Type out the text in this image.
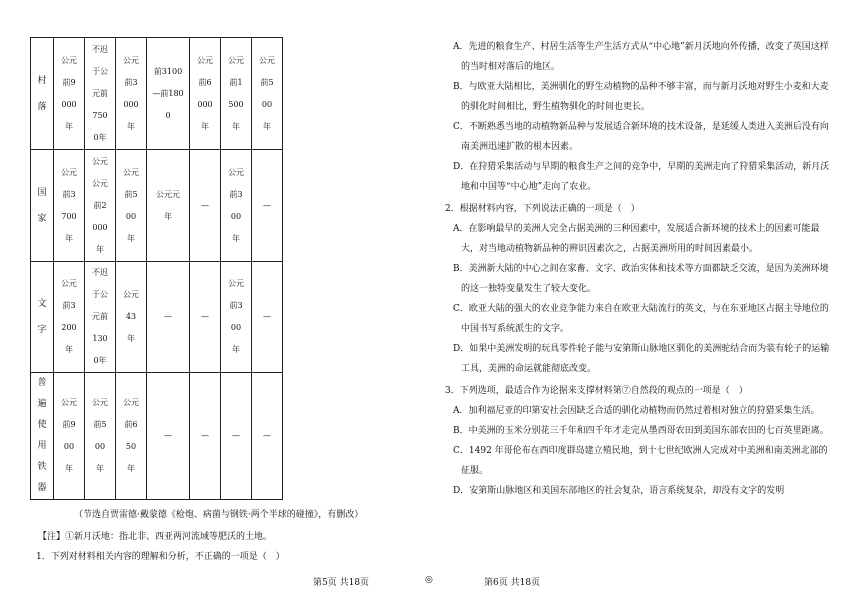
村落	公元前9000年	不迟于公元前7500年	公元前3000年	前3100—前1800	公元前6000年	公元前1500年	公元前500年
国家	公元前3700年	公元公元前2000年	公元前500年	公元元年	—	公元前300年	—
文字	公元前3200年	不迟于公元前1300年	公元43年	—	—	公元前300年	—
普遍使用铁器	公元前900年	公元前500年	公元前650年	—	—	—	—
（节选自贾雷德·戴蒙德《枪炮、病菌与钢铁·两个半球的碰撞》，有删改）
【注】①新月沃地：指北非、西亚两河流域等肥沃的土地。
1．下列对材料相关内容的理解和分析，不正确的一项是（　）

A．先进的粮食生产、村居生活等生产生活方式从“中心地”新月沃地向外传播，改变了英国这样的当时相对落后的地区。

B．与欧亚大陆相比，美洲驯化的野生动植物的品种不够丰富，而与新月沃地对野生小麦和大麦的驯化时间相比，野生植物驯化的时间也更长。

C．不断熟悉当地的动植物新品种与发展适合新环境的技术设备，是延缓人类进入美洲后没有向南美洲迅速扩散的根本因素。

D．在狩猎采集活动与早期的粮食生产之间的竞争中，早期的美洲走向了狩猎采集活动，新月沃地和中国等“中心地”走向了农业。

2．根据材料内容，下列说法正确的一项是（　）

A．在影响最早的美洲人完全占据美洲的三种因素中，发展适合新环境的技术上的因素可能最大，对当地动植物新品种的辨识因素次之，占据美洲所用的时间因素最小。

B．美洲新大陆的中心之间在家畜、文字、政治实体和技术等方面都缺乏交流，是因为美洲环境的这一独特变量发生了较大变化。

C．欧亚大陆的强大的农业竞争能力来自在欧亚大陆流行的英文，与在东亚地区占据主导地位的中国书写系统派生的文字。

D．如果中美洲发明的玩具零件轮子能与安第斯山脉地区驯化的美洲驼结合而为装有轮子的运输工具，美洲的命运就能彻底改变。

3．下列选项，最适合作为论据来支撑材料第⑦自然段的观点的一项是（　）

A．加利福尼亚的印第安社会因缺乏合适的驯化动植物而仍然过着相对独立的狩猎采集生活。

B．中美洲的玉米分别花三千年和四千年才走完从墨西哥农田到美国东部农田的七百英里距离。

C．1492 年哥伦布在西印度群岛建立殖民地，到十七世纪欧洲人完成对中美洲和南美洲北部的征服。

D．安第斯山脉地区和美国东部地区的社会复杂，语言系统复杂，却没有文字的发明

第5页 共18页	◎	第6页 共18页
